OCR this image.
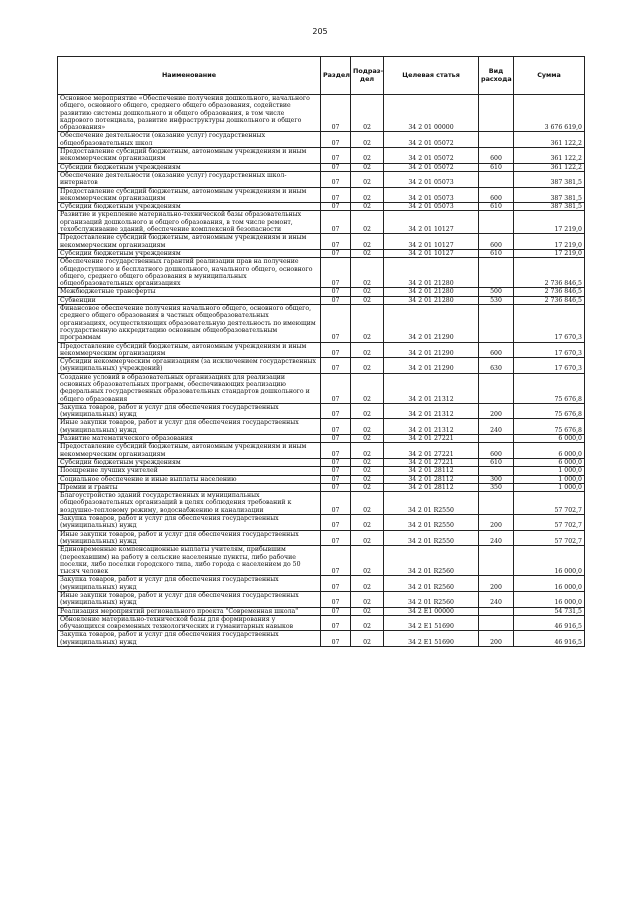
205
Наименование	Раздел	Подраз-дел	Целевая статья	Вид расхода	Сумма
Основное мероприятие «Обеспечение получения дошкольного, начального общего, основного общего, среднего общего образования, содействие развитию системы дошкольного и общего образования, в том числе кадрового потенциала, развитие инфраструктуры дошкольного и общего образования»	07	02	34 2 01 00000		3 676 619,0
Обеспечение деятельности (оказание услуг) государственных общеобразовательных школ	07	02	34 2 01 05072		361 122,2
Предоставление субсидий бюджетным, автономным учреждениям и иным некоммерческим организациям	07	02	34 2 01 05072	600	361 122,2
Субсидии бюджетным учреждениям	07	02	34 2 01 05072	610	361 122,2
Обеспечение деятельности (оказание услуг) государственных школ-интернатов	07	02	34 2 01 05073		387 381,5
Предоставление субсидий бюджетным, автономным учреждениям и иным некоммерческим организациям	07	02	34 2 01 05073	600	387 381,5
Субсидии бюджетным учреждениям	07	02	34 2 01 05073	610	387 381,5
Развитие и укрепление материально-технической базы образовательных организаций дошкольного и общего образования, в том числе ремонт, техобслуживание зданий, обеспечение комплексной безопасности	07	02	34 2 01 10127		17 219,0
Предоставление субсидий бюджетным, автономным учреждениям и иным некоммерческим организациям	07	02	34 2 01 10127	600	17 219,0
Субсидии бюджетным учреждениям	07	02	34 2 01 10127	610	17 219,0
Обеспечение государственных гарантий реализации прав на получение общедоступного и бесплатного дошкольного, начального общего, основного общего, среднего общего образования в муниципальных общеобразовательных организациях	07	02	34 2 01 21280		2 736 846,5
Межбюджетные трансферты	07	02	34 2 01 21280	500	2 736 846,5
Субвенции	07	02	34 2 01 21280	530	2 736 846,5
Финансовое обеспечение получения начального общего, основного общего, среднего общего образования в частных общеобразовательных организациях, осуществляющих образовательную деятельность по имеющим государственную аккредитацию основным общеобразовательным программам	07	02	34 2 01 21290		17 670,3
Предоставление субсидий бюджетным, автономным учреждениям и иным некоммерческим организациям	07	02	34 2 01 21290	600	17 670,3
Субсидии некоммерческим организациям (за исключением государственных (муниципальных) учреждений)	07	02	34 2 01 21290	630	17 670,3
Создание условий в образовательных организациях для реализации основных образовательных программ, обеспечивающих реализацию федеральных государственных образовательных стандартов дошкольного и общего образования	07	02	34 2 01 21312		75 676,8
Закупка товаров, работ и услуг для обеспечения государственных (муниципальных) нужд	07	02	34 2 01 21312	200	75 676,8
Иные закупки товаров, работ и услуг для обеспечения государственных (муниципальных) нужд	07	02	34 2 01 21312	240	75 676,8
Развитие математического образования	07	02	34 2 01 27221		6 000,0
Предоставление субсидий бюджетным, автономным учреждениям и иным некоммерческим организациям	07	02	34 2 01 27221	600	6 000,0
Субсидии бюджетным учреждениям	07	02	34 2 01 27221	610	6 000,0
Поощрение лучших учителей	07	02	34 2 01 28112		1 000,0
Социальное обеспечение и иные выплаты населению	07	02	34 2 01 28112	300	1 000,0
Премии и гранты	07	02	34 2 01 28112	350	1 000,0
Благоустройство зданий государственных и муниципальных общеобразовательных организаций в целях соблюдения требований к воздушно-тепловому режиму, водоснабжению и канализации	07	02	34 2 01 R2550		57 702,7
Закупка товаров, работ и услуг для обеспечения государственных (муниципальных) нужд	07	02	34 2 01 R2550	200	57 702,7
Иные закупки товаров, работ и услуг для обеспечения государственных (муниципальных) нужд	07	02	34 2 01 R2550	240	57 702,7
Единовременные компенсационные выплаты учителям, прибывшим (переехавшим) на работу в сельские населенные пункты, либо рабочие поселки, либо поселки городского типа, либо города с населением до 50 тысяч человек	07	02	34 2 01 R2560		16 000,0
Закупка товаров, работ и услуг для обеспечения государственных (муниципальных) нужд	07	02	34 2 01 R2560	200	16 000,0
Иные закупки товаров, работ и услуг для обеспечения государственных (муниципальных) нужд	07	02	34 2 01 R2560	240	16 000,0
Реализация мероприятий регионального проекта "Современная школа"	07	02	34 2 E1 00000		54 731,5
Обновление материально-технической базы для формирования у обучающихся современных технологических и гуманитарных навыков	07	02	34 2 E1 51690		46 916,5
Закупка товаров, работ и услуг для обеспечения государственных (муниципальных) нужд	07	02	34 2 E1 51690	200	46 916,5
